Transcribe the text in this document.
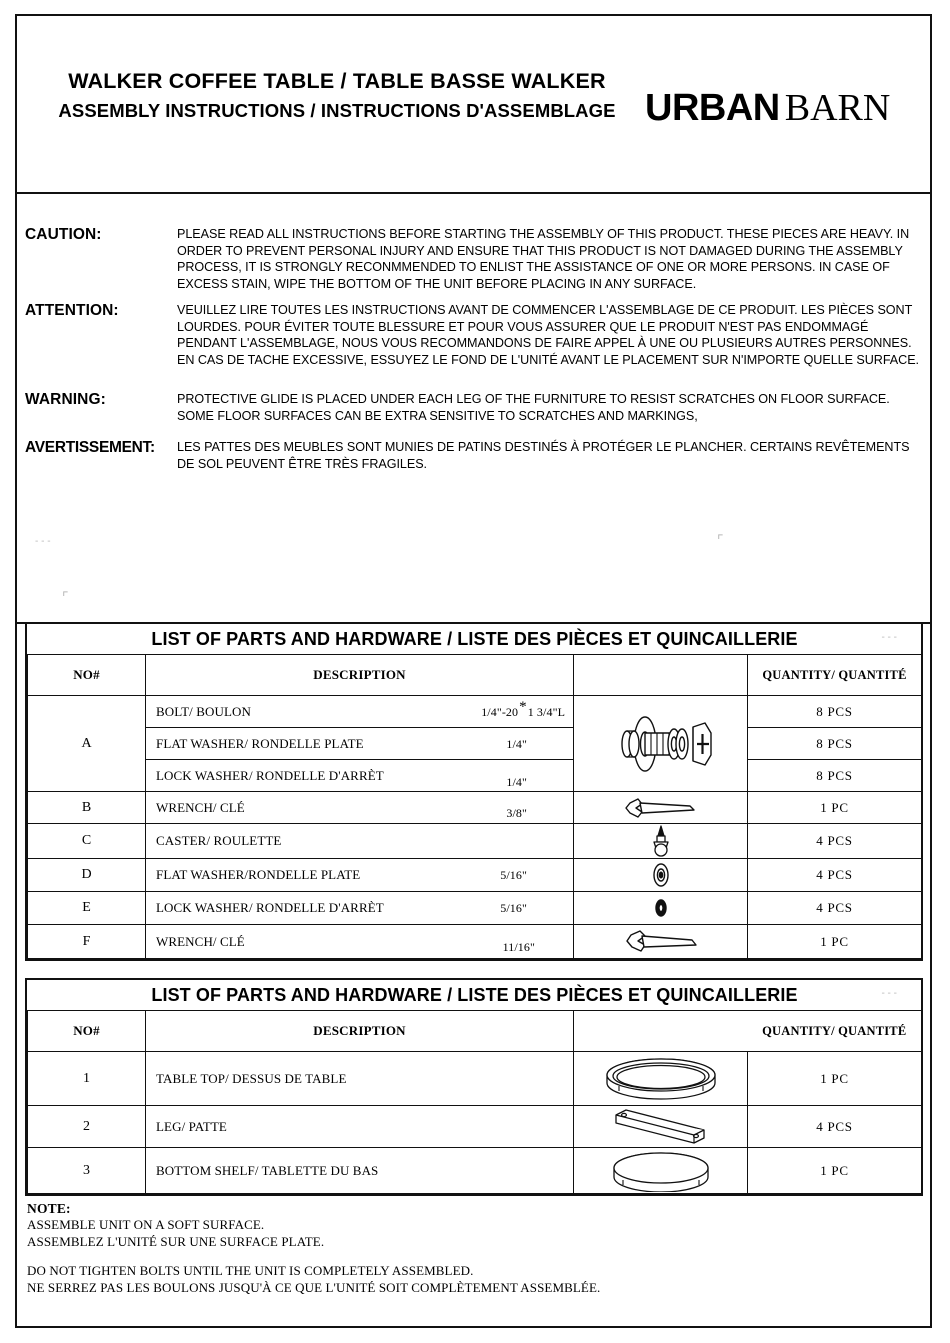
WALKER COFFEE TABLE / TABLE BASSE WALKER
ASSEMBLY INSTRUCTIONS / INSTRUCTIONS D'ASSEMBLAGE URBAN BARN
CAUTION:	PLEASE READ ALL INSTRUCTIONS BEFORE STARTING THE ASSEMBLY OF THIS PRODUCT. THESE PIECES ARE HEAVY. IN ORDER TO PREVENT PERSONAL INJURY AND ENSURE THAT THIS PRODUCT IS NOT DAMAGED DURING THE ASSEMBLY PROCESS, IT IS STRONGLY RECONMMENDED TO ENLIST THE ASSISTANCE OF ONE OR MORE PERSONS. IN CASE OF EXCESS STAIN, WIPE THE BOTTOM OF THE UNIT BEFORE PLACING IN ANY SURFACE.
ATTENTION:	VEUILLEZ LIRE TOUTES LES INSTRUCTIONS AVANT DE COMMENCER L'ASSEMBLAGE DE CE PRODUIT. LES PIÈCES SONT LOURDES. POUR ÉVITER TOUTE BLESSURE ET POUR VOUS ASSURER QUE LE PRODUIT N'EST PAS ENDOMMAGÉ PENDANT L'ASSEMBLAGE, NOUS VOUS RECOMMANDONS DE FAIRE APPEL À UNE OU PLUSIEURS AUTRES PERSONNES. EN CAS DE TACHE EXCESSIVE, ESSUYEZ LE FOND DE L'UNITÉ AVANT LE PLACEMENT SUR N'IMPORTE QUELLE SURFACE.
WARNING:	PROTECTIVE GLIDE IS PLACED UNDER EACH LEG OF THE FURNITURE TO RESIST SCRATCHES ON FLOOR SURFACE. SOME FLOOR SURFACES CAN BE EXTRA SENSITIVE TO SCRATCHES AND MARKINGS,
AVERTISSEMENT:	LES PATTES DES MEUBLES SONT MUNIES DE PATINS DESTINÉS À PROTÉGER LE PLANCHER. CERTAINS REVÊTEMENTS DE SOL PEUVENT ÊTRE TRÈS FRAGILES.
- - -
⌜
⌜
LIST OF PARTS AND HARDWARE / LISTE DES PIÈCES ET QUINCAILLERIE			
NO#	DESCRIPTION		QUANTITY/ QUANTITÉ
A	BOLT/ BOULON 1/4"-20*1 3/4"L		8 PCS

	FLAT WASHER/ RONDELLE PLATE 1/4"		8 PCS

	LOCK WASHER/ RONDELLE D'ARRÈT 1/4"		8 PCS
B	WRENCH/ CLÉ 3/8"		1 PC
C	CASTER/ ROULETTE		4 PCS
D	FLAT WASHER/RONDELLE PLATE 5/16"		4 PCS
E	LOCK WASHER/ RONDELLE D'ARRÈT 5/16"		4 PCS
F	WRENCH/ CLÉ 11/16"		1 PC
- - -
LIST OF PARTS AND HARDWARE / LISTE DES PIÈCES ET QUINCAILLERIE			
NO#	DESCRIPTION		QUANTITY/ QUANTITÉ
1	TABLE TOP/ DESSUS DE TABLE		1 PC
2	LEG/ PATTE		4 PCS
3	BOTTOM SHELF/ TABLETTE DU BAS		1 PC
- - -
NOTE:
ASSEMBLE UNIT ON A SOFT SURFACE.
ASSEMBLEZ L'UNITÉ SUR UNE SURFACE PLATE.
DO NOT TIGHTEN BOLTS UNTIL THE UNIT IS COMPLETELY ASSEMBLED.
NE SERREZ PAS LES BOULONS JUSQU'À CE QUE L'UNITÉ SOIT COMPLÈTEMENT ASSEMBLÉE.
